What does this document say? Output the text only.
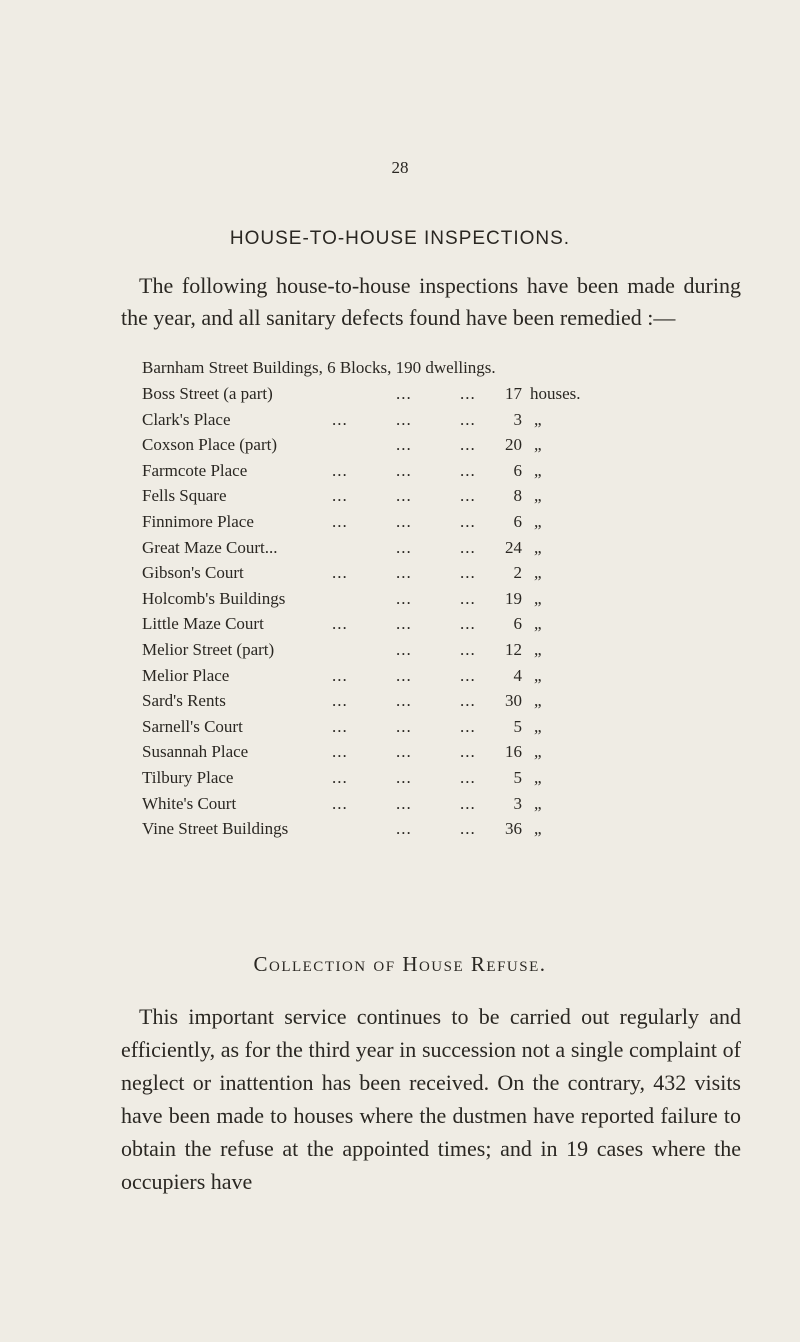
28
HOUSE-TO-HOUSE INSPECTIONS.
The following house-to-house inspections have been made during the year, and all sanitary defects found have been remedied :—
Barnham Street Buildings, 6 Blocks, 190 dwellings.
Boss Street (a part)	...	...	17 houses.
Clark's Place	...	...	...	3 „
Coxson Place (part)	...	...	20 „
Farmcote Place	...	...	...	6 „
Fells Square	...	...	...	8 „
Finnimore Place	...	...	...	6 „
Great Maze Court...	...	...	24 „
Gibson's Court	...	...	...	2 „
Holcomb's Buildings	...	...	19 „
Little Maze Court	...	...	...	6 „
Melior Street (part)	...	...	12 „
Melior Place	...	...	...	4 „
Sard's Rents	...	...	...	30 „
Sarnell's Court	...	...	...	5 „
Susannah Place	...	...	...	16 „
Tilbury Place	...	...	...	5 „
White's Court	...	...	...	3 „
Vine Street Buildings	...	...	36 „
Collection of House Refuse.
This important service continues to be carried out regularly and efficiently, as for the third year in succession not a single complaint of neglect or inattention has been received. On the contrary, 432 visits have been made to houses where the dustmen have reported failure to obtain the refuse at the appointed times; and in 19 cases where the occupiers have
